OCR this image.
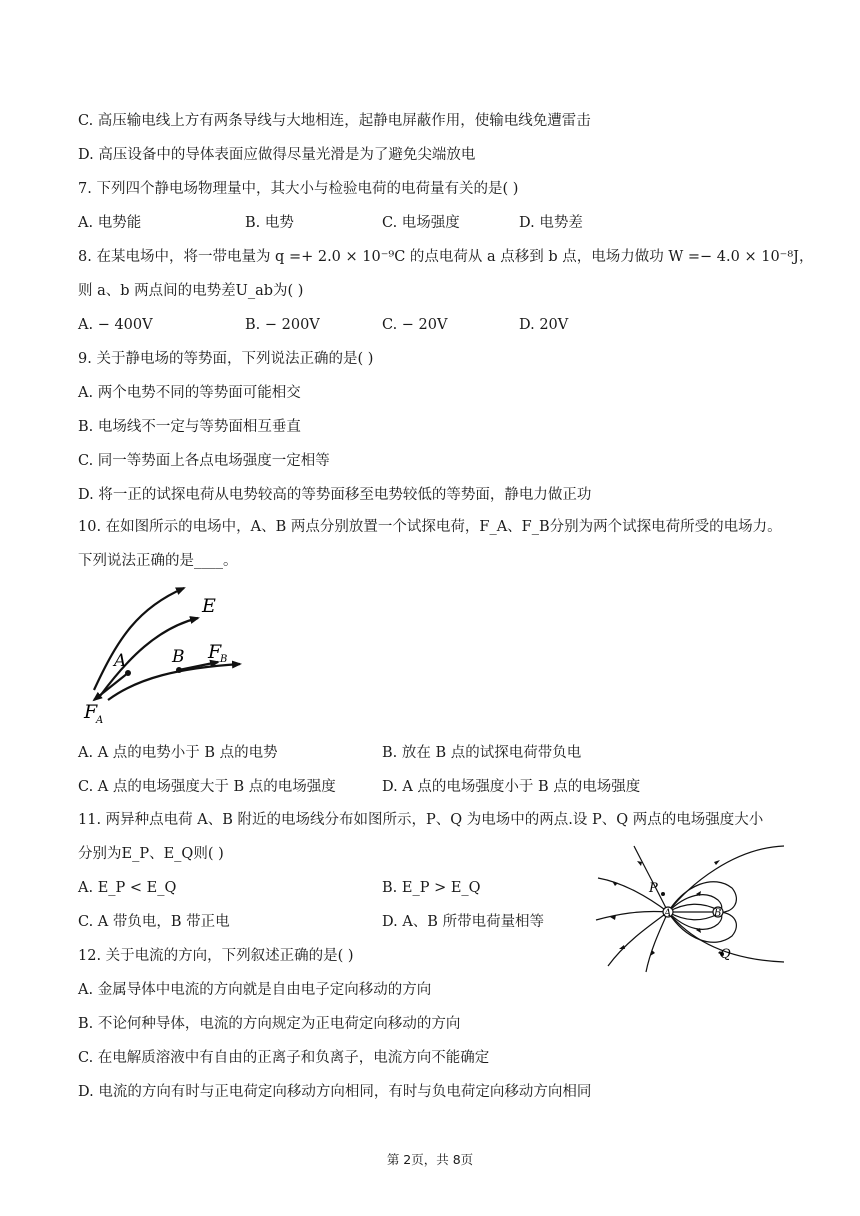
C. 高压输电线上方有两条导线与大地相连，起静电屏蔽作用，使输电线免遭雷击
D. 高压设备中的导体表面应做得尽量光滑是为了避免尖端放电
7. 下列四个静电场物理量中，其大小与检验电荷的电荷量有关的是( )
A. 电势能	B. 电势	C. 电场强度	D. 电势差
8. 在某电场中，将一带电量为 q =+ 2.0 × 10⁻⁹C 的点电荷从 a 点移到 b 点，电场力做功 W =− 4.0 × 10⁻⁸J，
则 a、b 两点间的电势差U_ab为( )
A. − 400V	B. − 200V	C. − 20V	D. 20V
9. 关于静电场的等势面，下列说法正确的是( )
A. 两个电势不同的等势面可能相交
B. 电场线不一定与等势面相互垂直
C. 同一等势面上各点电场强度一定相等
D. 将一正的试探电荷从电势较高的等势面移至电势较低的等势面，静电力做正功
10. 在如图所示的电场中，A、B 两点分别放置一个试探电荷，F_A、F_B分别为两个试探电荷所受的电场力。
下列说法正确的是____。
E
A	B F
B
F
A
A. A 点的电势小于 B 点的电势	B. 放在 B 点的试探电荷带负电
C. A 点的电场强度大于 B 点的电场强度	D. A 点的电场强度小于 B 点的电场强度
11. 两异种点电荷 A、B 附近的电场线分布如图所示，P、Q 为电场中的两点.设 P、Q 两点的电场强度大小
分别为E_P、E_Q则( )
A. E_P < E_Q	B. E_P > E_Q
C. A 带负电，B 带正电	D. A、B 所带电荷量相等
P
Q
A	B
12. 关于电流的方向，下列叙述正确的是( )
A. 金属导体中电流的方向就是自由电子定向移动的方向
B. 不论何种导体，电流的方向规定为正电荷定向移动的方向
C. 在电解质溶液中有自由的正离子和负离子，电流方向不能确定
D. 电流的方向有时与正电荷定向移动方向相同，有时与负电荷定向移动方向相同
第 2页，共 8页
